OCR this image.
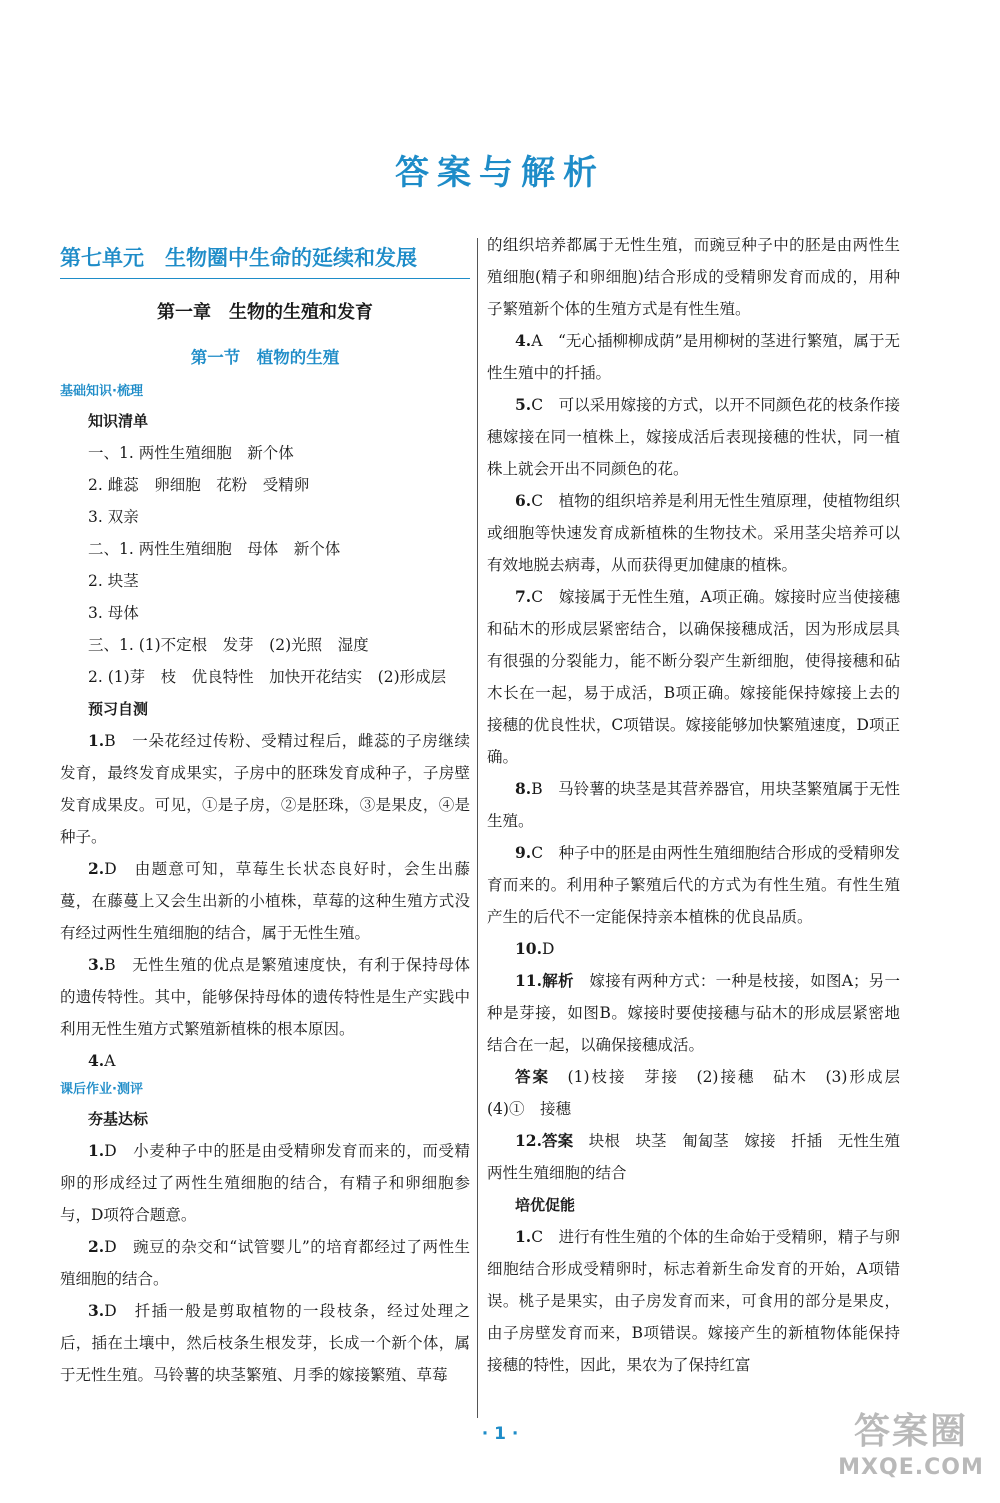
答案与解析
第七单元　生物圈中生命的延续和发展
第一章　生物的生殖和发育
第一节　植物的生殖
基础知识·梳理
知识清单
一、1. 两性生殖细胞　新个体
2. 雌蕊　卵细胞　花粉　受精卵
3. 双亲
二、1. 两性生殖细胞　母体　新个体
2. 块茎
3. 母体
三、1. (1)不定根　发芽　(2)光照　湿度
2. (1)芽　枝　优良特性　加快开花结实　(2)形成层
预习自测
1.B　一朵花经过传粉、受精过程后，雌蕊的子房继续发育，最终发育成果实，子房中的胚珠发育成种子，子房壁发育成果皮。可见，①是子房，②是胚珠，③是果皮，④是种子。
2.D　由题意可知，草莓生长状态良好时，会生出藤蔓，在藤蔓上又会生出新的小植株，草莓的这种生殖方式没有经过两性生殖细胞的结合，属于无性生殖。
3.B　无性生殖的优点是繁殖速度快，有利于保持母体的遗传特性。其中，能够保持母体的遗传特性是生产实践中利用无性生殖方式繁殖新植株的根本原因。
4.A
课后作业·测评
夯基达标
1.D　小麦种子中的胚是由受精卵发育而来的，而受精卵的形成经过了两性生殖细胞的结合，有精子和卵细胞参与，D项符合题意。
2.D　豌豆的杂交和“试管婴儿”的培育都经过了两性生殖细胞的结合。
3.D　扦插一般是剪取植物的一段枝条，经过处理之后，插在土壤中，然后枝条生根发芽，长成一个新个体，属于无性生殖。马铃薯的块茎繁殖、月季的嫁接繁殖、草莓
的组织培养都属于无性生殖，而豌豆种子中的胚是由两性生殖细胞(精子和卵细胞)结合形成的受精卵发育而成的，用种子繁殖新个体的生殖方式是有性生殖。
4.A　“无心插柳柳成荫”是用柳树的茎进行繁殖，属于无性生殖中的扦插。
5.C　可以采用嫁接的方式，以开不同颜色花的枝条作接穗嫁接在同一植株上，嫁接成活后表现接穗的性状，同一植株上就会开出不同颜色的花。
6.C　植物的组织培养是利用无性生殖原理，使植物组织或细胞等快速发育成新植株的生物技术。采用茎尖培养可以有效地脱去病毒，从而获得更加健康的植株。
7.C　嫁接属于无性生殖，A项正确。嫁接时应当使接穗和砧木的形成层紧密结合，以确保接穗成活，因为形成层具有很强的分裂能力，能不断分裂产生新细胞，使得接穗和砧木长在一起，易于成活，B项正确。嫁接能保持嫁接上去的接穗的优良性状，C项错误。嫁接能够加快繁殖速度，D项正确。
8.B　马铃薯的块茎是其营养器官，用块茎繁殖属于无性生殖。
9.C　种子中的胚是由两性生殖细胞结合形成的受精卵发育而来的。利用种子繁殖后代的方式为有性生殖。有性生殖产生的后代不一定能保持亲本植株的优良品质。
10.D
11.解析　 嫁接有两种方式：一种是枝接，如图A；另一种是芽接，如图B。嫁接时要使接穗与砧木的形成层紧密地结合在一起，以确保接穗成活。
答案　 (1)枝接　芽接　(2)接穗　砧木　(3)形成层　(4)①　接穗
12.答案　 块根　块茎　匍匐茎　嫁接　扦插　无性生殖　两性生殖细胞的结合
培优促能
1.C　进行有性生殖的个体的生命始于受精卵，精子与卵细胞结合形成受精卵时，标志着新生命发育的开始，A项错误。桃子是果实，由子房发育而来，可食用的部分是果皮，由子房壁发育而来，B项错误。嫁接产生的新植物体能保持接穗的特性，因此，果农为了保持红富
· 1 ·	答案圈
MXQE.COM
